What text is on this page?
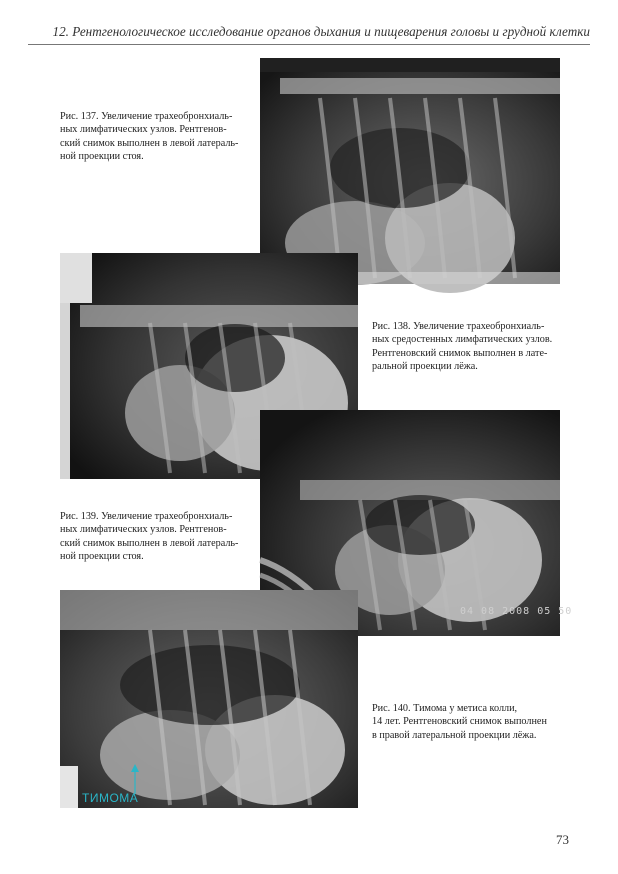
12. Рентгенологическое исследование органов дыхания и пищеварения головы и грудной клетки
Рис. 137. Увеличение трахеобронхиаль-
ных лимфатических узлов. Рентгенов-
ский снимок выполнен в левой латераль-
ной проекции стоя.
Рис. 138. Увеличение трахеобронхиаль-
ных средостенных лимфатических узлов.
Рентгеновский снимок выполнен в лате-
ральной проекции лёжа.
Рис. 139. Увеличение трахеобронхиаль-
ных лимфатических узлов. Рентгенов-
ский снимок выполнен в левой латераль-
ной проекции стоя.
04 08 2008 05 50
ТИМОМА
Рис. 140. Тимома у метиса колли,
14 лет. Рентгеновский снимок выполнен
в правой латеральной проекции лёжа.
73
